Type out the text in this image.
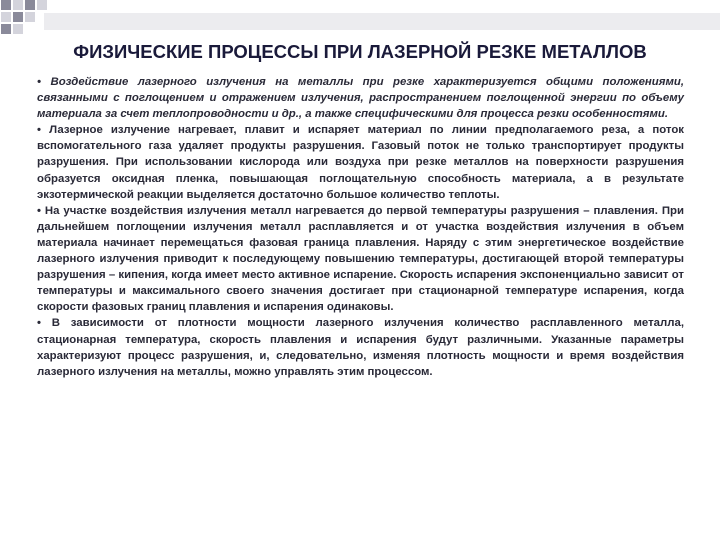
ФИЗИЧЕСКИЕ ПРОЦЕССЫ ПРИ ЛАЗЕРНОЙ РЕЗКЕ МЕТАЛЛОВ

• Воздействие лазерного излучения на металлы при резке характеризуется общими положениями, связанными с поглощением и отражением излучения, распространением поглощенной энергии по объему материала за счет теплопроводности и др., а также специфическими для процесса резки особенностями.

• Лазерное излучение нагревает, плавит и испаряет материал по линии предполагаемого реза, а поток вспомогательного газа удаляет продукты разрушения. Газовый поток не только транспортирует продукты разрушения. При использовании кислорода или воздуха при резке металлов на поверхности разрушения образуется оксидная пленка, повышающая поглощательную способность материала, а в результате экзотермической реакции выделяется достаточно большое количество теплоты.

• На участке воздействия излучения металл нагревается до первой температуры разрушения – плавления. При дальнейшем поглощении излучения металл расплавляется и от участка воздействия излучения в объем материала начинает перемещаться фазовая граница плавления. Наряду с этим энергетическое воздействие лазерного излучения приводит к последующему повышению температуры, достигающей второй температуры разрушения – кипения, когда имеет место активное испарение. Скорость испарения экспоненциально зависит от температуры и максимального своего значения достигает при стационарной температуре испарения, когда скорости фазовых границ плавления и испарения одинаковы.

• В зависимости от плотности мощности лазерного излучения количество расплавленного металла, стационарная температура, скорость плавления и испарения будут различными. Указанные параметры характеризуют процесс разрушения, и, следовательно, изменяя плотность мощности и время воздействия лазерного излучения на металлы, можно управлять этим процессом.
